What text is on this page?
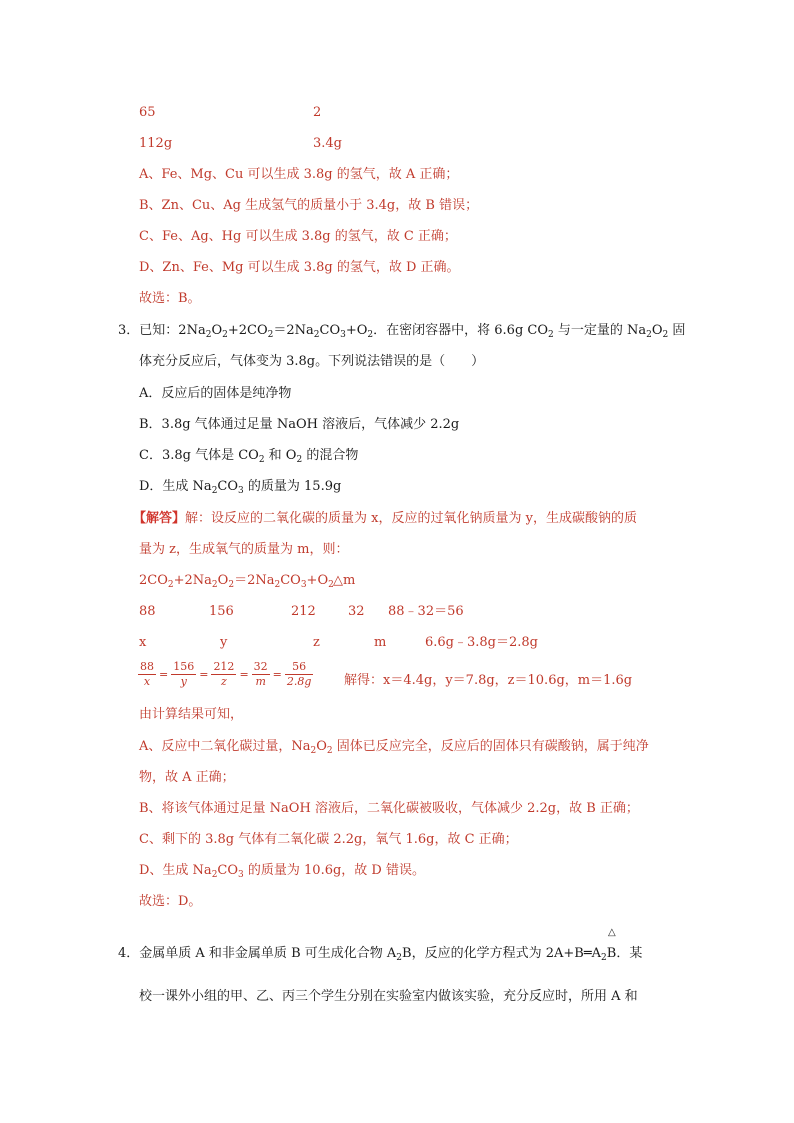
65	2
112g	3.4g
A、Fe、Mg、Cu 可以生成 3.8g 的氢气，故 A 正确；
B、Zn、Cu、Ag 生成氢气的质量小于 3.4g，故 B 错误；
C、Fe、Ag、Hg 可以生成 3.8g 的氢气，故 C 正确；
D、Zn、Fe、Mg 可以生成 3.8g 的氢气，故 D 正确。
故选：B。
3．已知：$2Na_2O_2+2CO_2=2Na_2CO_3+O_2$．在密闭容器中，将 6.6g $CO_2$ 与一定量的 $Na_2O_2$ 固
体充分反应后，气体变为 3.8g。下列说法错误的是（　　）
A．反应后的固体是纯净物
B．3.8g 气体通过足量 NaOH 溶液后，气体减少 2.2g
C．3.8g 气体是 $CO_2$ 和 $O_2$ 的混合物
D．生成 $Na_2CO_3$ 的质量为 15.9g
【解答】解：设反应的二氧化碳的质量为 x，反应的过氧化钠质量为 y，生成碳酸钠的质
量为 z，生成氧气的质量为 m，则：
$2CO_2+2Na_2O_2=2Na_2CO_3+O_2$ △m
88	156	212 32 88﹣32＝56
x	y	z	m	6.6g﹣3.8g＝2.8g
$\frac{88}{x} = \frac{156}{y} = \frac{212}{z} = \frac{32}{m} = \frac{56}{2.8g}$ 解得：x＝4.4g，y＝7.8g，z＝10.6g，m＝1.6g
由计算结果可知，
A、反应中二氧化碳过量，$Na_2O_2$ 固体已反应完全，反应后的固体只有碳酸钠，属于纯净
物，故 A 正确；
B、将该气体通过足量 NaOH 溶液后，二氧化碳被吸收，气体减少 2.2g，故 B 正确；
C、剩下的 3.8g 气体有二氧化碳 2.2g，氧气 1.6g，故 C 正确；
D、生成 $Na_2CO_3$ 的质量为 10.6g，故 D 错误。
故选：D。
△
4．金属单质 A 和非金属单质 B 可生成化合物 $A_2B$，反应的化学方程式为 $2A+B═A_2B$．某
校一课外小组的甲、乙、丙三个学生分别在实验室内做该实验，充分反应时，所用 A 和
